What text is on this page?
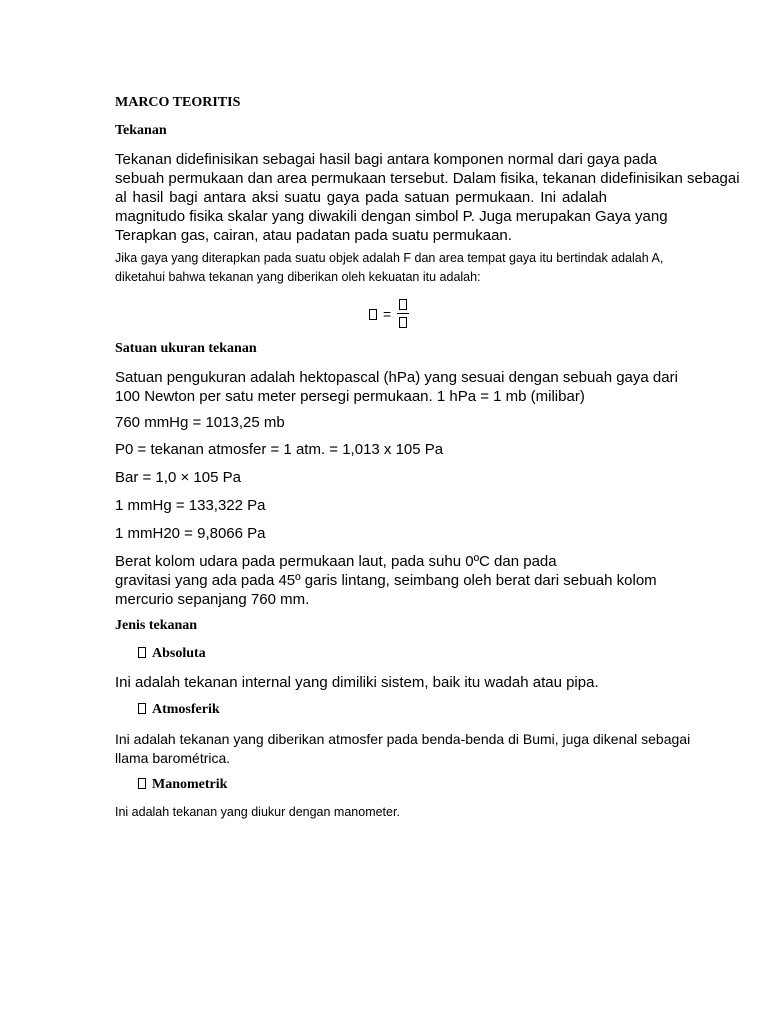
MARCO TEORITIS
Tekanan
Tekanan didefinisikan sebagai hasil bagi antara komponen normal dari gaya pada
sebuah permukaan dan area permukaan tersebut. Dalam fisika, tekanan didefinisikan sebagai
al hasil bagi antara aksi suatu gaya pada satuan permukaan. Ini adalah
magnitudo fisika skalar yang diwakili dengan simbol P. Juga merupakan Gaya yang
Terapkan gas, cairan, atau padatan pada suatu permukaan.
Jika gaya yang diterapkan pada suatu objek adalah F dan area tempat gaya itu bertindak adalah A,
diketahui bahwa tekanan yang diberikan oleh kekuatan itu adalah:
=
Satuan ukuran tekanan
Satuan pengukuran adalah hektopascal (hPa) yang sesuai dengan sebuah gaya dari
100 Newton per satu meter persegi permukaan. 1 hPa = 1 mb (milibar)
760 mmHg = 1013,25 mb
P0 = tekanan atmosfer = 1 atm. = 1,013 x 105 Pa
Bar = 1,0 × 105 Pa
1 mmHg = 133,322 Pa
1 mmH20 = 9,8066 Pa
Berat kolom udara pada permukaan laut, pada suhu 0ºC dan pada
gravitasi yang ada pada 45º garis lintang, seimbang oleh berat dari sebuah kolom
mercurio sepanjang 760 mm.
Jenis tekanan
Absoluta
Ini adalah tekanan internal yang dimiliki sistem, baik itu wadah atau pipa.
Atmosferik
Ini adalah tekanan yang diberikan atmosfer pada benda-benda di Bumi, juga dikenal sebagai
llama barométrica.
Manometrik
Ini adalah tekanan yang diukur dengan manometer.
